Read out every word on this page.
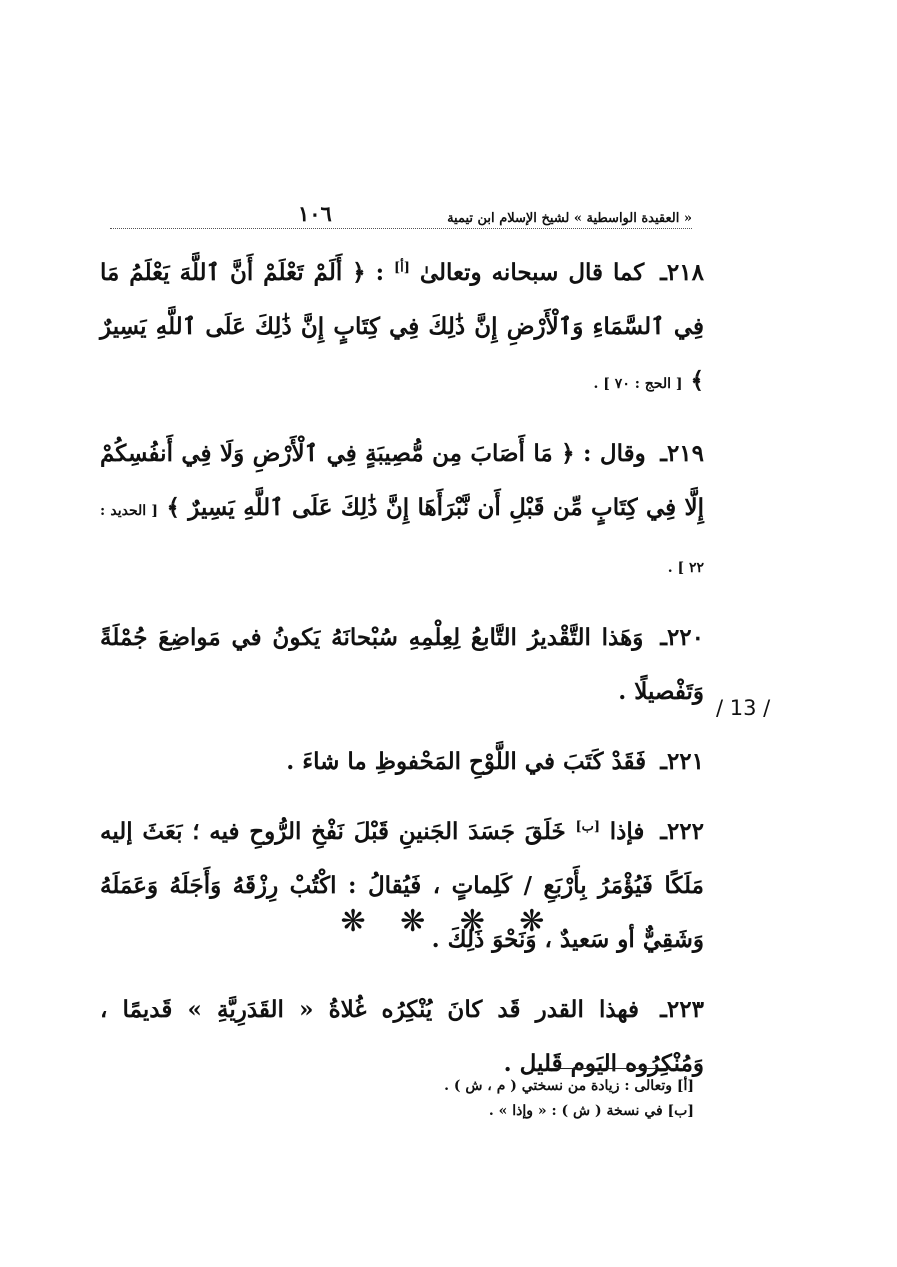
١٠٦	« العقيدة الواسطية » لشيخ الإسلام ابن تيمية

٢١٨ـ كما قال سبحانه وتعالىٰ [أ] : ﴿ أَلَمْ تَعْلَمْ أَنَّ ٱللَّهَ يَعْلَمُ مَا فِي ٱلسَّمَاءِ وَٱلْأَرْضِ إِنَّ ذَٰلِكَ فِي كِتَابٍ إِنَّ ذَٰلِكَ عَلَى ٱللَّهِ يَسِيرٌ ﴾ [ الحج : ٧٠ ] .

٢١٩ـ وقال : ﴿ مَا أَصَابَ مِن مُّصِيبَةٍ فِي ٱلْأَرْضِ وَلَا فِي أَنفُسِكُمْ إِلَّا فِي كِتَابٍ مِّن قَبْلِ أَن نَّبْرَأَهَا إِنَّ ذَٰلِكَ عَلَى ٱللَّهِ يَسِيرٌ ﴾ [ الحديد : ٢٢ ] .

٢٢٠ـ وَهَذا التَّقْديرُ التَّابعُ لِعِلْمِهِ سُبْحانَهُ يَكونُ في مَواضِعَ جُمْلَةً وَتَفْصيلًا .

٢٢١ـ فَقَدْ كَتَبَ في اللَّوْحِ المَحْفوظِ ما شاءَ .

٢٢٢ـ فإذا [ب] خَلَقَ جَسَدَ الجَنينِ قَبْلَ نَفْخِ الرُّوحِ فيه ؛ بَعَثَ إليه مَلَكًا فَيُؤْمَرُ بِأَرْبَعِ / كَلِماتٍ ، فَيُقالُ : اكْتُبْ رِزْقَهُ وَأَجَلَهُ وَعَمَلَهُ وَشَقِيٌّ أو سَعيدٌ ، وَنَحْوَ ذَلِكَ .

٢٢٣ـ فهذا القدر قَد كانَ يُنْكِرُه غُلاةُ « القَدَرِيَّةِ » قَديمًا ، وَمُنْكِرُوه اليَوم قَليل .

/ 13 /
❋ ❋ ❋ ❋

[أ] وتعالى : زيادة من نسختي ( م ، ش ) .

[ب] في نسخة ( ش ) : « وإذا » .
